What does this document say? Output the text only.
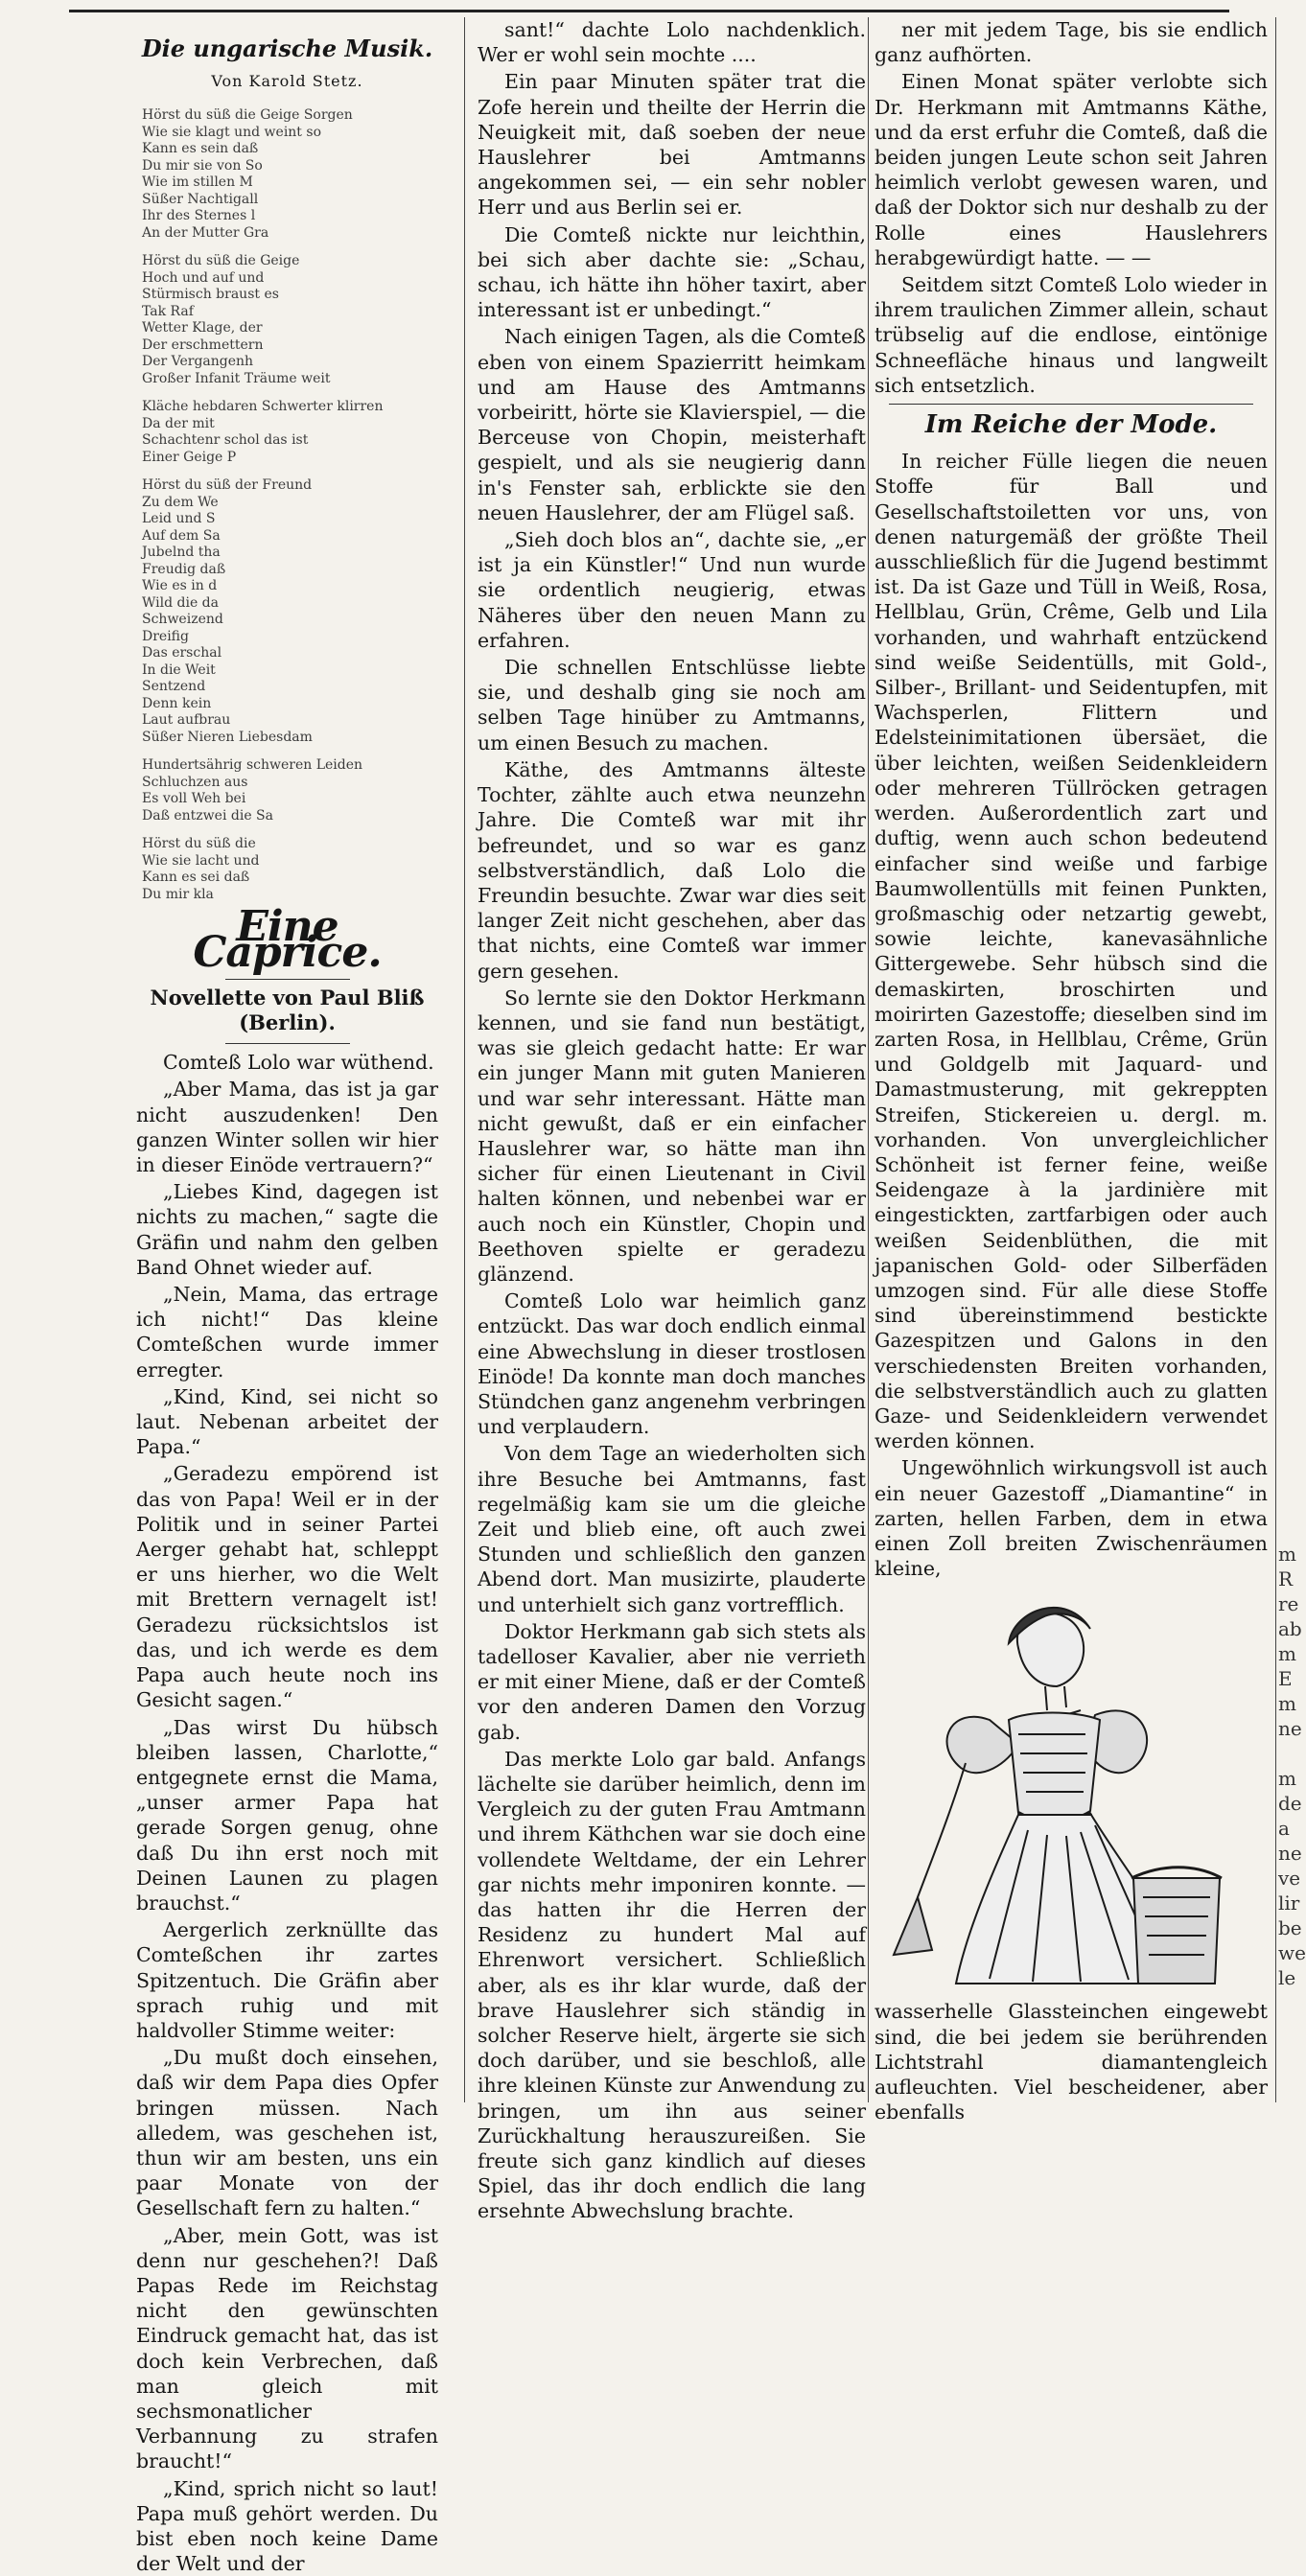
Die ungarische Musik.
Von Karold Stetz.
Hörst du süß die Geige Sorgen
Wie sie klagt und weint so
Kann es sein daß
Du mir sie von So
Wie im stillen M
Süßer Nachtigall
Ihr des Sternes l
An der Mutter Gra
Hörst du süß die Geige
Hoch und auf und
Stürmisch braust es
Tak Raf
Wetter Klage, der
Der erschmettern
Der Vergangenh
Großer Infanit Träume weit
Kläche hebdaren Schwerter klirren
Da der mit
Schachtenr schol das ist
Einer Geige P
Hörst du süß der Freund
Zu dem We
Leid und S
Auf dem Sa
Jubelnd tha
Freudig daß
Wie es in d
Wild die da
Schweizend
Dreifig
Das erschal
In die Weit
Sentzend
Denn kein
Laut aufbrau
Süßer Nieren Liebesdam
Hundertsährig schweren Leiden
Schluchzen aus
Es voll Weh bei
Daß entzwei die Sa
Hörst du süß die
Wie sie lacht und
Kann es sei daß
Du mir kla
Eine Caprice.
Novellette von Paul Bliß (Berlin).

Comteß Lolo war wüthend.

„Aber Mama, das ist ja gar nicht auszudenken! Den ganzen Winter sollen wir hier in dieser Einöde vertrauern?“

„Liebes Kind, dagegen ist nichts zu machen,“ sagte die Gräfin und nahm den gelben Band Ohnet wieder auf.

„Nein, Mama, das ertrage ich nicht!“ Das kleine Comteßchen wurde immer erregter.

„Kind, Kind, sei nicht so laut. Nebenan arbeitet der Papa.“

„Geradezu empörend ist das von Papa! Weil er in der Politik und in seiner Partei Aerger gehabt hat, schleppt er uns hierher, wo die Welt mit Brettern vernagelt ist! Geradezu rücksichtslos ist das, und ich werde es dem Papa auch heute noch ins Gesicht sagen.“

„Das wirst Du hübsch bleiben lassen, Charlotte,“ entgegnete ernst die Mama, „unser armer Papa hat gerade Sorgen genug, ohne daß Du ihn erst noch mit Deinen Launen zu plagen brauchst.“

Aergerlich zerknüllte das Comteßchen ihr zartes Spitzentuch. Die Gräfin aber sprach ruhig und mit haldvoller Stimme weiter:

„Du mußt doch einsehen, daß wir dem Papa dies Opfer bringen müssen. Nach alledem, was geschehen ist, thun wir am besten, uns ein paar Monate von der Gesellschaft fern zu halten.“

„Aber, mein Gott, was ist denn nur geschehen?! Daß Papas Rede im Reichstag nicht den gewünschten Eindruck gemacht hat, das ist doch kein Verbrechen, daß man gleich mit sechsmonatlicher Verbannung zu strafen braucht!“

„Kind, sprich nicht so laut! Papa muß gehört werden. Du bist eben noch keine Dame der Welt und der

sant!“ dachte Lolo nachdenklich. Wer er wohl sein mochte ....

Ein paar Minuten später trat die Zofe herein und theilte der Herrin die Neuigkeit mit, daß soeben der neue Hauslehrer bei Amtmanns angekommen sei, — ein sehr nobler Herr und aus Berlin sei er.

Die Comteß nickte nur leichthin, bei sich aber dachte sie: „Schau, schau, ich hätte ihn höher taxirt, aber interessant ist er unbedingt.“

Nach einigen Tagen, als die Comteß eben von einem Spazierritt heimkam und am Hause des Amtmanns vorbeiritt, hörte sie Klavierspiel, — die Berceuse von Chopin, meisterhaft gespielt, und als sie neugierig dann in's Fenster sah, erblickte sie den neuen Hauslehrer, der am Flügel saß.

„Sieh doch blos an“, dachte sie, „er ist ja ein Künstler!“ Und nun wurde sie ordentlich neugierig, etwas Näheres über den neuen Mann zu erfahren.

Die schnellen Entschlüsse liebte sie, und deshalb ging sie noch am selben Tage hinüber zu Amtmanns, um einen Besuch zu machen.

Käthe, des Amtmanns älteste Tochter, zählte auch etwa neunzehn Jahre. Die Comteß war mit ihr befreundet, und so war es ganz selbstverständlich, daß Lolo die Freundin besuchte. Zwar war dies seit langer Zeit nicht geschehen, aber das that nichts, eine Comteß war immer gern gesehen.

So lernte sie den Doktor Herkmann kennen, und sie fand nun bestätigt, was sie gleich gedacht hatte: Er war ein junger Mann mit guten Manieren und war sehr interessant. Hätte man nicht gewußt, daß er ein einfacher Hauslehrer war, so hätte man ihn sicher für einen Lieutenant in Civil halten können, und nebenbei war er auch noch ein Künstler, Chopin und Beethoven spielte er geradezu glänzend.

Comteß Lolo war heimlich ganz entzückt. Das war doch endlich einmal eine Abwechslung in dieser trostlosen Einöde! Da konnte man doch manches Stündchen ganz angenehm verbringen und verplaudern.

Von dem Tage an wiederholten sich ihre Besuche bei Amtmanns, fast regelmäßig kam sie um die gleiche Zeit und blieb eine, oft auch zwei Stunden und schließlich den ganzen Abend dort. Man musizirte, plauderte und unterhielt sich ganz vortrefflich.

Doktor Herkmann gab sich stets als tadelloser Kavalier, aber nie verrieth er mit einer Miene, daß er der Comteß vor den anderen Damen den Vorzug gab.

Das merkte Lolo gar bald. Anfangs lächelte sie darüber heimlich, denn im Vergleich zu der guten Frau Amtmann und ihrem Käthchen war sie doch eine vollendete Weltdame, der ein Lehrer gar nichts mehr imponiren konnte. — das hatten ihr die Herren der Residenz zu hundert Mal auf Ehrenwort versichert. Schließlich aber, als es ihr klar wurde, daß der brave Hauslehrer sich ständig in solcher Reserve hielt, ärgerte sie sich doch darüber, und sie beschloß, alle ihre kleinen Künste zur Anwendung zu bringen, um ihn aus seiner Zurückhaltung herauszureißen. Sie freute sich ganz kindlich auf dieses Spiel, das ihr doch endlich die lang ersehnte Abwechslung brachte.

ner mit jedem Tage, bis sie endlich ganz aufhörten.

Einen Monat später verlobte sich Dr. Herkmann mit Amtmanns Käthe, und da erst erfuhr die Comteß, daß die beiden jungen Leute schon seit Jahren heimlich verlobt gewesen waren, und daß der Doktor sich nur deshalb zu der Rolle eines Hauslehrers herabgewürdigt hatte. — —

Seitdem sitzt Comteß Lolo wieder in ihrem traulichen Zimmer allein, schaut trübselig auf die endlose, eintönige Schneefläche hinaus und langweilt sich entsetzlich.

Im Reiche der Mode.

In reicher Fülle liegen die neuen Stoffe für Ball und Gesellschaftstoiletten vor uns, von denen naturgemäß der größte Theil ausschließlich für die Jugend bestimmt ist. Da ist Gaze und Tüll in Weiß, Rosa, Hellblau, Grün, Crême, Gelb und Lila vorhanden, und wahrhaft entzückend sind weiße Seidentülls, mit Gold-, Silber-, Brillant- und Seidentupfen, mit Wachsperlen, Flittern und Edelsteinimitationen übersäet, die über leichten, weißen Seidenkleidern oder mehreren Tüllröcken getragen werden. Außerordentlich zart und duftig, wenn auch schon bedeutend einfacher sind weiße und farbige Baumwollentülls mit feinen Punkten, großmaschig oder netzartig gewebt, sowie leichte, kanevasähnliche Gittergewebe. Sehr hübsch sind die demaskirten, broschirten und moirirten Gazestoffe; dieselben sind im zarten Rosa, in Hellblau, Crême, Grün und Goldgelb mit Jaquard- und Damastmusterung, mit gekreppten Streifen, Stickereien u. dergl. m. vorhanden. Von unvergleichlicher Schönheit ist ferner feine, weiße Seidengaze à la jardinière mit eingestickten, zartfarbigen oder auch weißen Seidenblüthen, die mit japanischen Gold- oder Silberfäden umzogen sind. Für alle diese Stoffe sind übereinstimmend bestickte Gazespitzen und Galons in den verschiedensten Breiten vorhanden, die selbstverständlich auch zu glatten Gaze- und Seidenkleidern verwendet werden können.

Ungewöhnlich wirkungsvoll ist auch ein neuer Gazestoff „Diamantine“ in zarten, hellen Farben, dem in etwa einen Zoll breiten Zwischenräumen kleine,

wasserhelle Glassteinchen eingewebt sind, die bei jedem sie berührenden Lichtstrahl diamantengleich aufleuchten. Viel bescheidener, aber ebenfalls

m
R
re
ab
m
E
m
ne

m
de
a
ne
ve
lir
be
we
le
